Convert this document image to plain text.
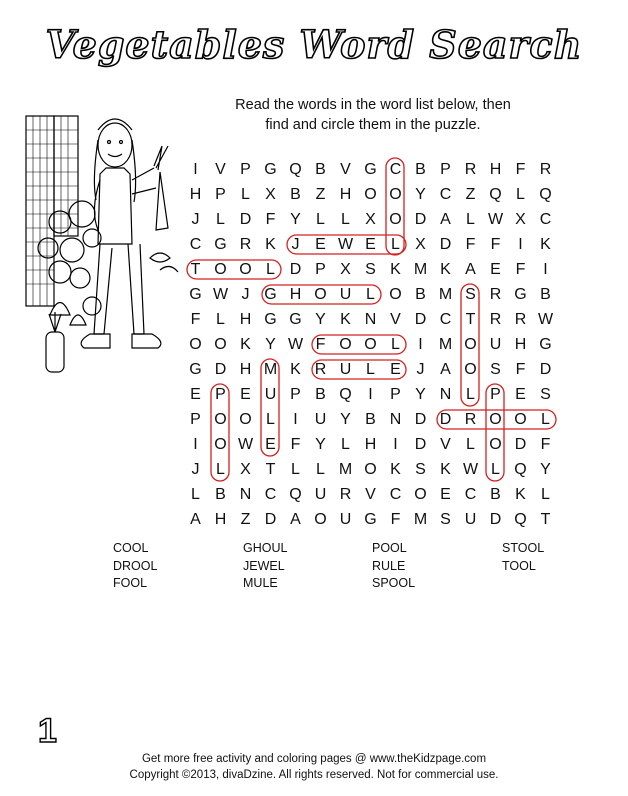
Vegetables Word Search
Read the words in the word list below, then
find and circle them in the puzzle.
I	V P G Q B V G C B P R H F R
H P L X B Z H O O Y C Z Q L Q
J	L D F Y L	L X O D A L W X C
C G R K J E W E L X D F F	I	K
T O O L D P X S K M K A E F	I
G W J G H O U L O B M S R G B
F L H G G Y K N V D C T R R W
O O K Y W F O O L	I	M O U H G
G D H M K R U L E J A O S F D
E P E U P B Q	I	P Y N L P E S
P O O L	I	U Y B N D D R O O L
I	O W E F Y L H	I	D V L O D F
J	L X T L	L M O K S K W L Q Y
L B N C Q U R V C O E C B K L
A H Z D A O U G F M S U D Q T
COOL
DROOL
FOOL
GHOUL
JEWEL
MULE
POOL
RULE
SPOOL
STOOL
TOOL
1
Get more free activity and coloring pages @ www.theKidzpage.com
Copyright ©2013, divaDzine. All rights reserved. Not for commercial use.
